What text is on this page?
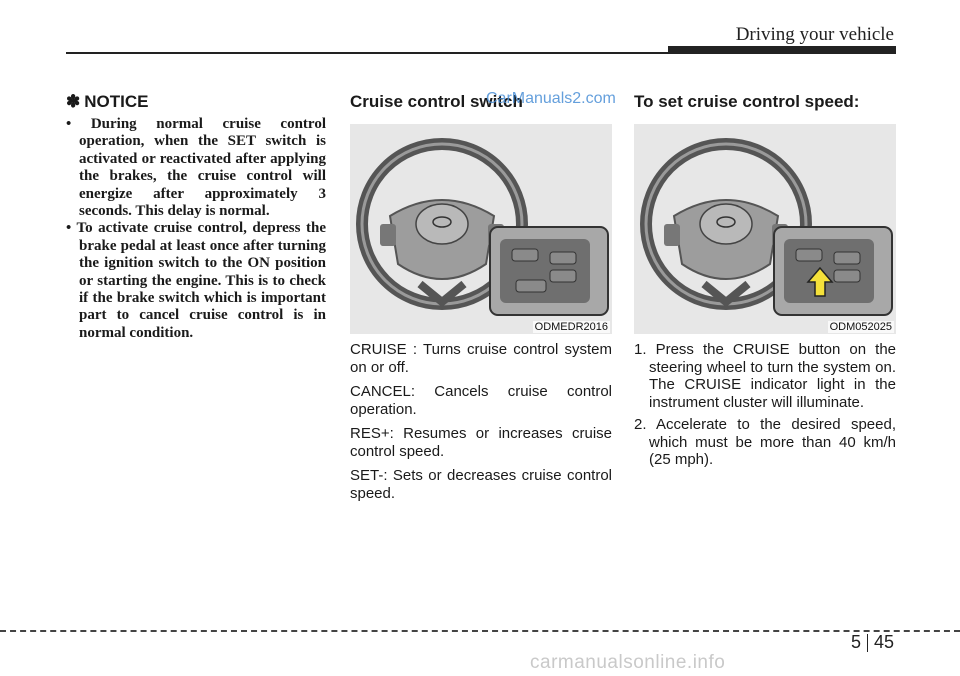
Driving your vehicle
✽ NOTICE
• During normal cruise control operation, when the SET switch is activated or reactivated after applying the brakes, the cruise control will energize after approximately 3 seconds. This delay is normal.
• To activate cruise control, depress the brake pedal at least once after turning the ignition switch to the ON position or starting the engine. This is to check if the brake switch which is important part to cancel cruise control is in normal condition.
Cruise control switch
ODMEDR2016

CRUISE : Turns cruise control system on or off.

CANCEL: Cancels cruise control operation.

RES+: Resumes or increases cruise control speed.

SET-: Sets or decreases cruise control speed.

To set cruise control speed:
ODM052025
1. Press the CRUISE button on the steering wheel to turn the system on. The CRUISE indicator light in the instrument cluster will illuminate.
2. Accelerate to the desired speed, which must be more than 40 km/h (25 mph).
CarManuals2.com
5 45
carmanualsonline.info
